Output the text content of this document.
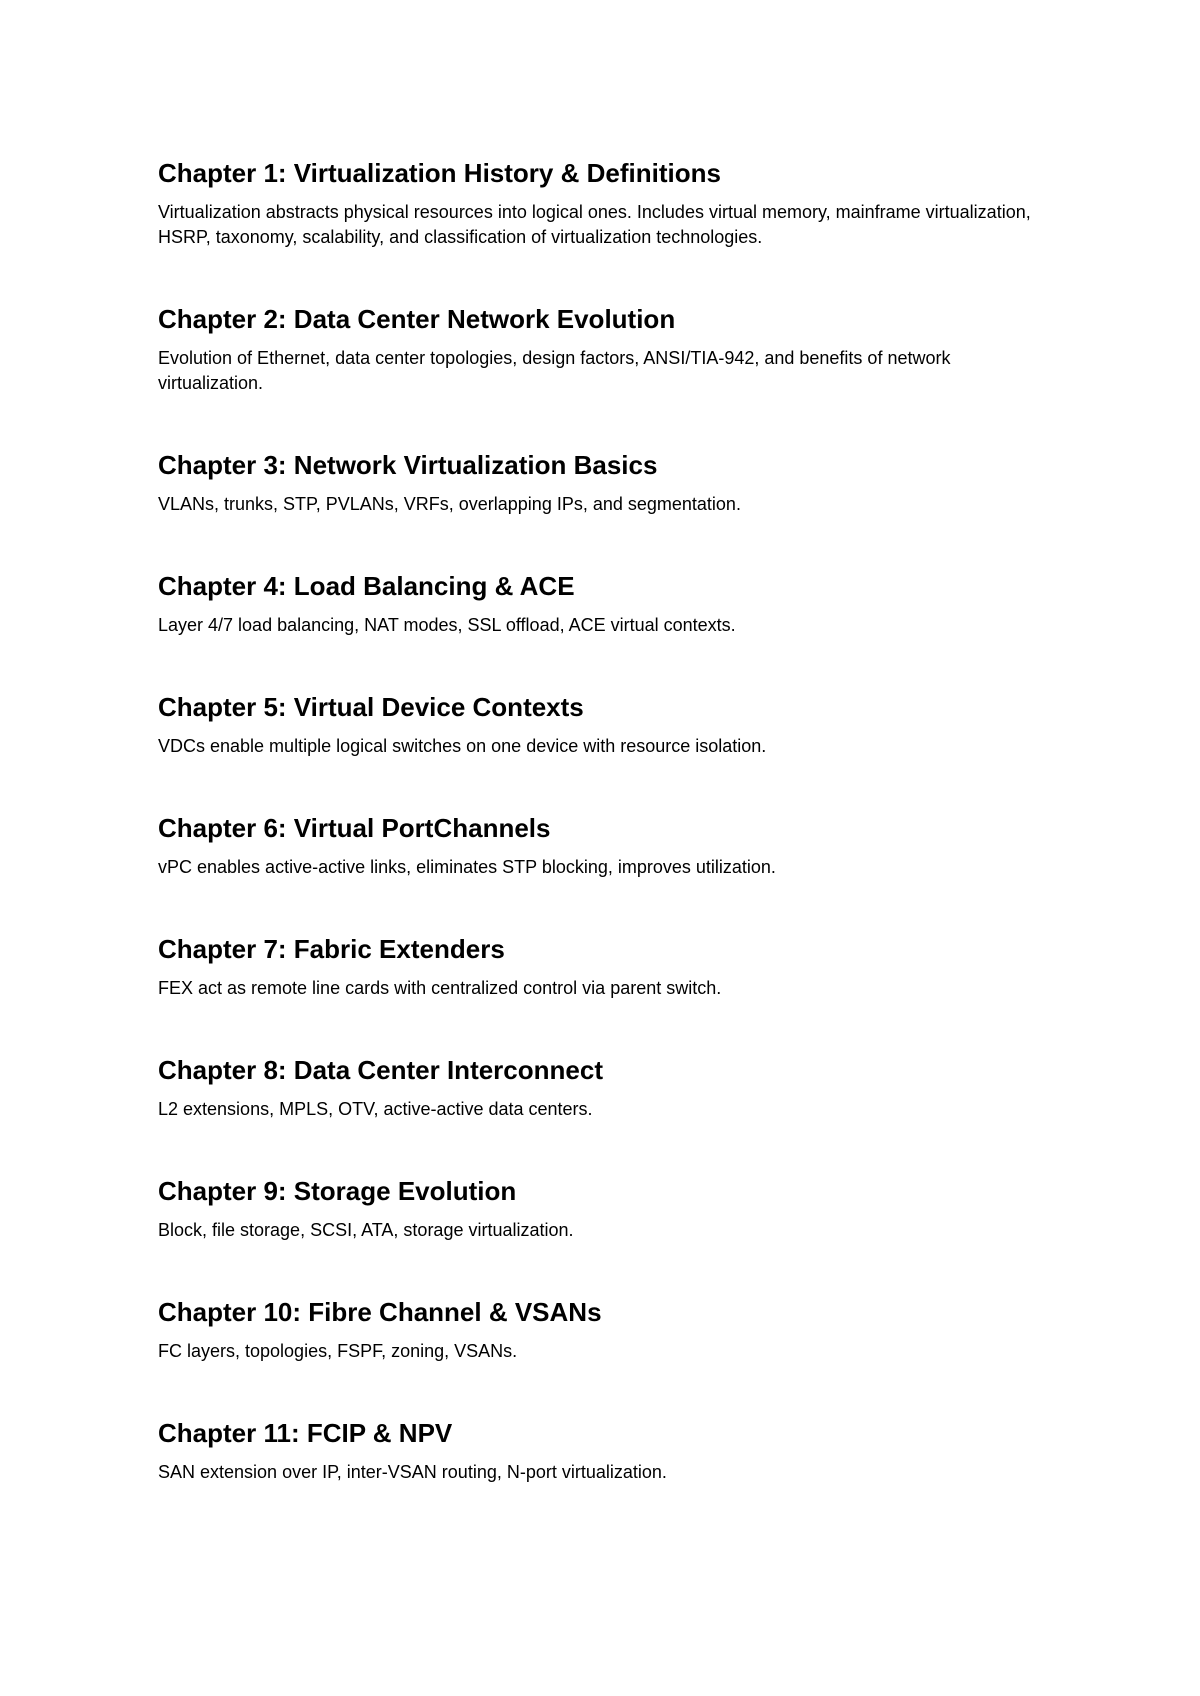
Chapter 1: Virtualization History & Definitions

Virtualization abstracts physical resources into logical ones. Includes virtual memory, mainframe virtualization, HSRP, taxonomy, scalability, and classification of virtualization technologies.

Chapter 2: Data Center Network Evolution

Evolution of Ethernet, data center topologies, design factors, ANSI/TIA-942, and benefits of network virtualization.

Chapter 3: Network Virtualization Basics

VLANs, trunks, STP, PVLANs, VRFs, overlapping IPs, and segmentation.

Chapter 4: Load Balancing & ACE

Layer 4/7 load balancing, NAT modes, SSL offload, ACE virtual contexts.

Chapter 5: Virtual Device Contexts

VDCs enable multiple logical switches on one device with resource isolation.

Chapter 6: Virtual PortChannels

vPC enables active-active links, eliminates STP blocking, improves utilization.

Chapter 7: Fabric Extenders

FEX act as remote line cards with centralized control via parent switch.

Chapter 8: Data Center Interconnect

L2 extensions, MPLS, OTV, active-active data centers.

Chapter 9: Storage Evolution

Block, file storage, SCSI, ATA, storage virtualization.

Chapter 10: Fibre Channel & VSANs

FC layers, topologies, FSPF, zoning, VSANs.

Chapter 11: FCIP & NPV

SAN extension over IP, inter-VSAN routing, N-port virtualization.
